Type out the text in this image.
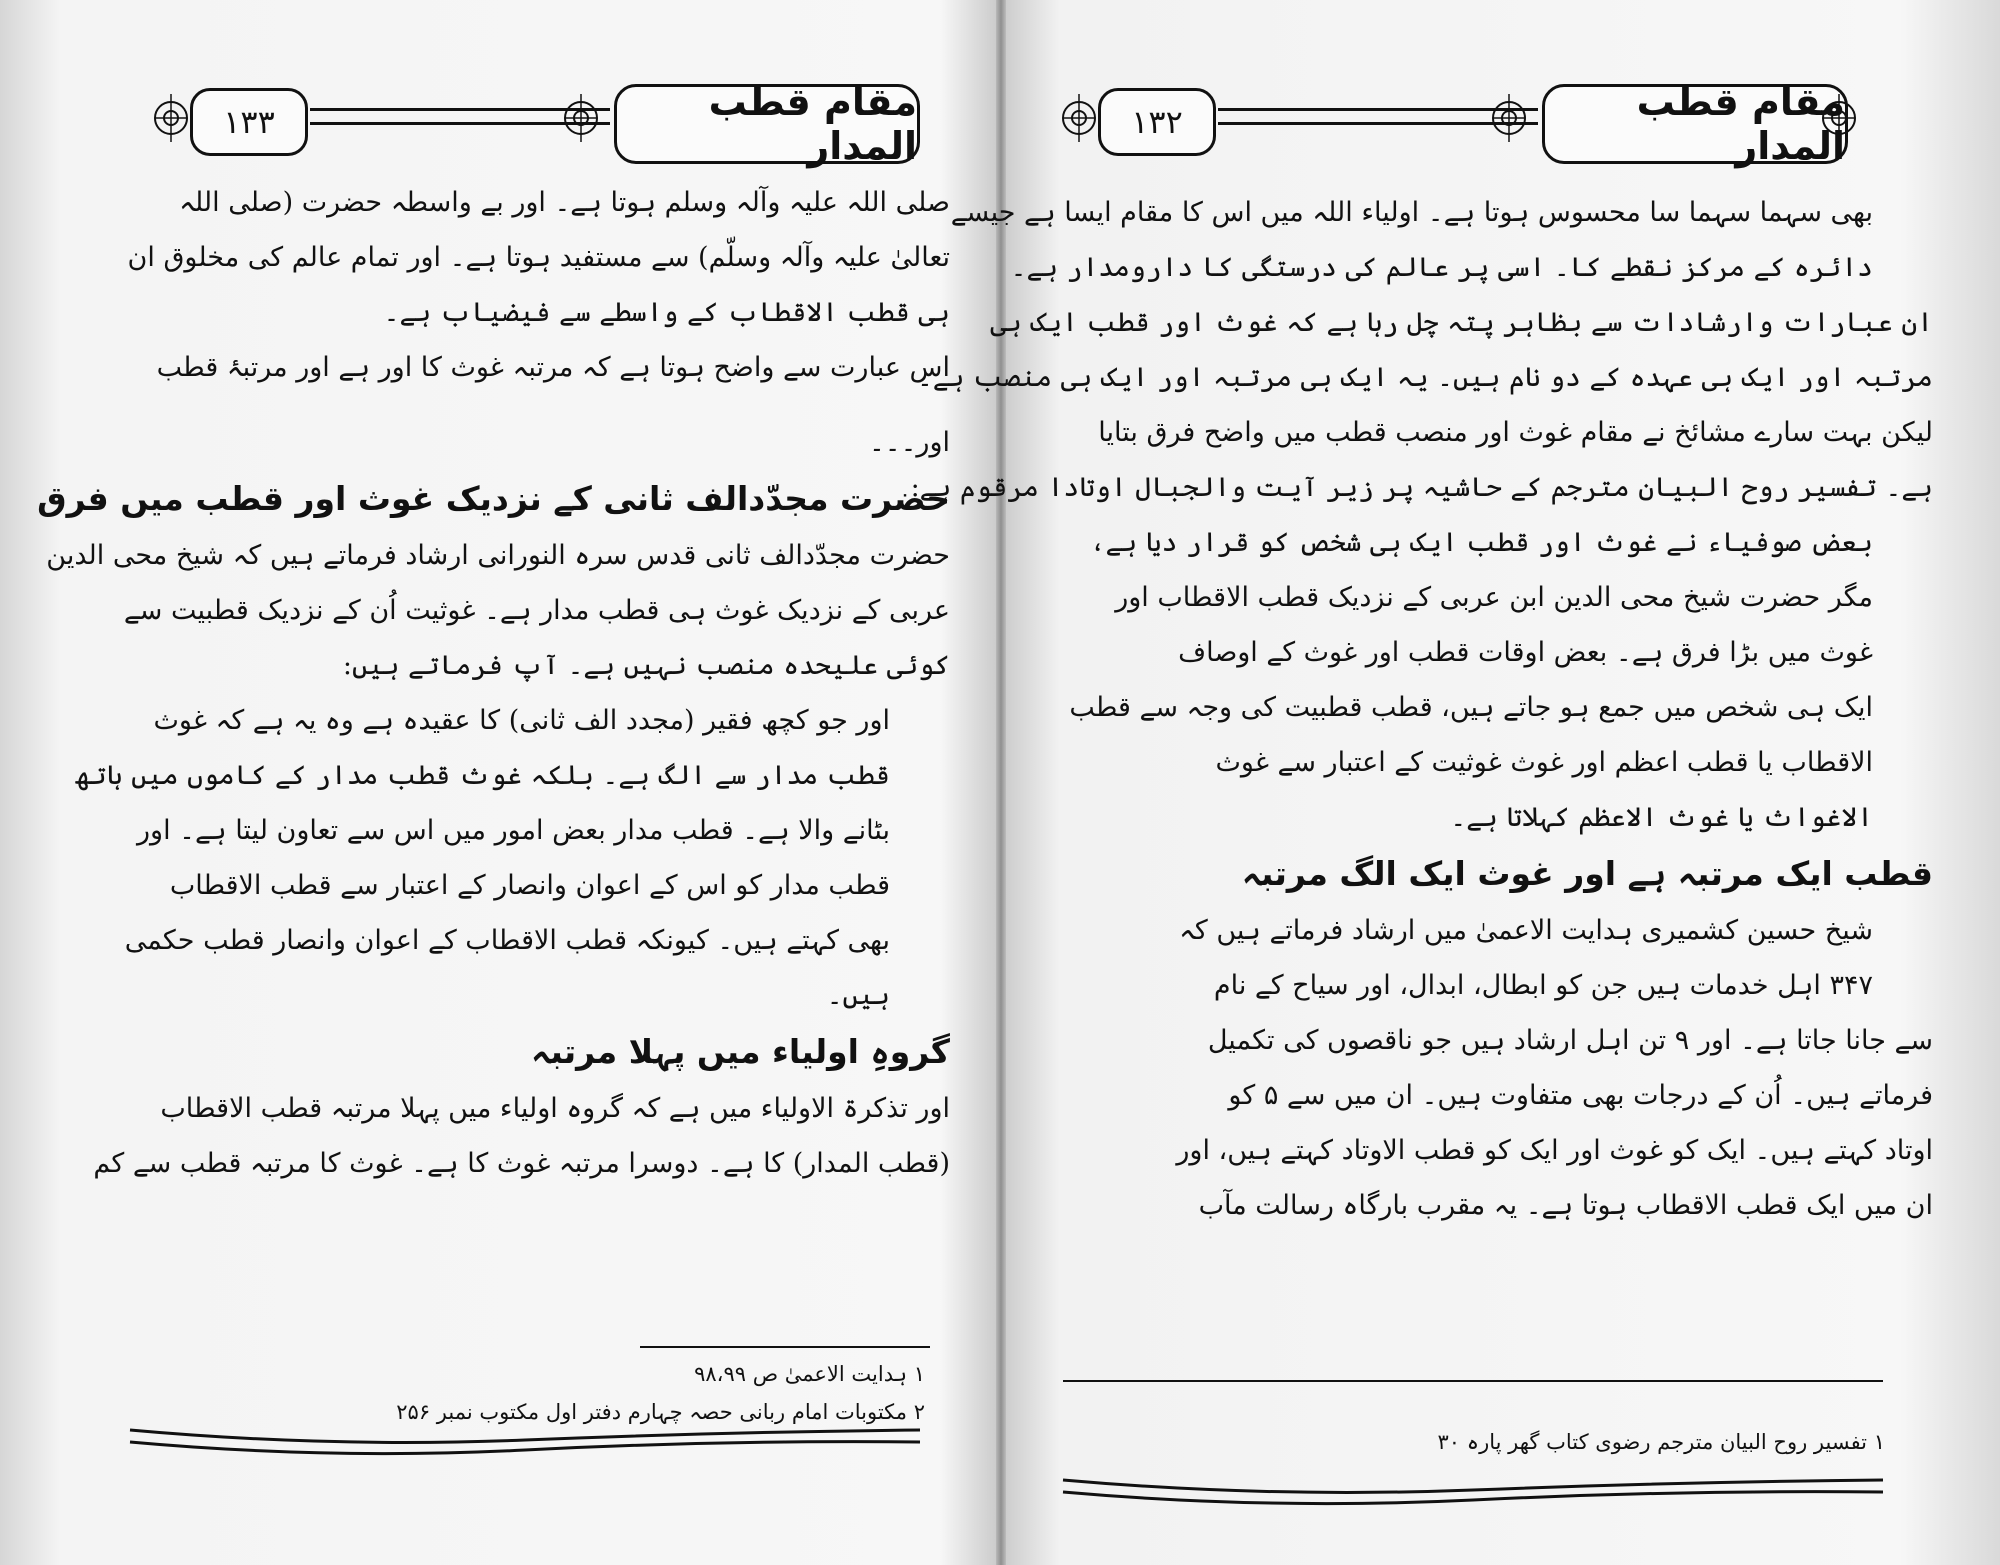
۱۳۳	مقام قطب المدار
صلی اللہ علیہ وآلہ وسلم ہوتا ہے۔ اور بے واسطہ حضرت (صلی اللہ
تعالیٰ علیہ وآلہ وسلّم) سے مستفید ہوتا ہے۔ اور تمام عالم کی مخلوق ان
ہی قطب الاقطاب کے واسطے سے فیضیاب ہے۔
اس عبارت سے واضح ہوتا ہے کہ مرتبہ غوث کا اور ہے اور مرتبۂ قطب
اور۔۔۔
حضرت مجدّدالف ثانی کے نزدیک غوث اور قطب میں فرق
حضرت مجدّدالف ثانی قدس سرہ النورانی ارشاد فرماتے ہیں کہ شیخ محی الدین
عربی کے نزدیک غوث ہی قطب مدار ہے۔ غوثیت اُن کے نزدیک قطبیت سے
کوئی علیحدہ منصب نہیں ہے۔ آپ فرماتے ہیں:
اور جو کچھ فقیر (مجدد الف ثانی) کا عقیدہ ہے وہ یہ ہے کہ غوث
قطب مدار سے الگ ہے۔ بلکہ غوث قطب مدار کے کاموں میں ہاتھ
بٹانے والا ہے۔ قطب مدار بعض امور میں اس سے تعاون لیتا ہے۔ اور
قطب مدار کو اس کے اعوان وانصار کے اعتبار سے قطب الاقطاب
بھی کہتے ہیں۔ کیونکہ قطب الاقطاب کے اعوان وانصار قطب حکمی
ہیں۔
گروہِ اولیاء میں پہلا مرتبہ
اور تذکرۃ الاولیاء میں ہے کہ گروہ اولیاء میں پہلا مرتبہ قطب الاقطاب
(قطب المدار) کا ہے۔ دوسرا مرتبہ غوث کا ہے۔ غوث کا مرتبہ قطب سے کم
۱ ہدایت الاعمیٰ ص ۹۸،۹۹
۲ مکتوبات امام ربانی حصہ چہارم دفتر اول مکتوب نمبر ۲۵۶
۱۳۲	مقام قطب المدار
بھی سہما سہما سا محسوس ہوتا ہے۔ اولیاء اللہ میں اس کا مقام ایسا ہے جیسے
دائرہ کے مرکز نقطے کا۔ اسی پر عالم کی درستگی کا دارومدار ہے۔
ان عبارات وارشادات سے بظاہر پتہ چل رہا ہے کہ غوث اور قطب ایک ہی
مرتبہ اور ایک ہی عہدہ کے دو نام ہیں۔ یہ ایک ہی مرتبہ اور ایک ہی منصب ہے۔
لیکن بہت سارے مشائخ نے مقام غوث اور منصب قطب میں واضح فرق بتایا
ہے۔ تفسیر روح البیان مترجم کے حاشیہ پر زیر آیت والجبال اوتادا مرقوم ہے:
بعض صوفیاء نے غوث اور قطب ایک ہی شخص کو قرار دیا ہے،
مگر حضرت شیخ محی الدین ابن عربی کے نزدیک قطب الاقطاب اور
غوث میں بڑا فرق ہے۔ بعض اوقات قطب اور غوث کے اوصاف
ایک ہی شخص میں جمع ہو جاتے ہیں، قطب قطبیت کی وجہ سے قطب
الاقطاب یا قطب اعظم اور غوث غوثیت کے اعتبار سے غوث
الاغواث یا غوث الاعظم کہلاتا ہے۔
قطب ایک مرتبہ ہے اور غوث ایک الگ مرتبہ
شیخ حسین کشمیری ہدایت الاعمیٰ میں ارشاد فرماتے ہیں کہ
۳۴۷ اہل خدمات ہیں جن کو ابطال، ابدال، اور سیاح کے نام
سے جانا جاتا ہے۔ اور ۹ تن اہل ارشاد ہیں جو ناقصوں کی تکمیل
فرماتے ہیں۔ اُن کے درجات بھی متفاوت ہیں۔ ان میں سے ۵ کو
اوتاد کہتے ہیں۔ ایک کو غوث اور ایک کو قطب الاوتاد کہتے ہیں، اور
ان میں ایک قطب الاقطاب ہوتا ہے۔ یہ مقرب بارگاہ رسالت مآب
۱ تفسیر روح البیان مترجم رضوی کتاب گھر پارہ ۳۰
